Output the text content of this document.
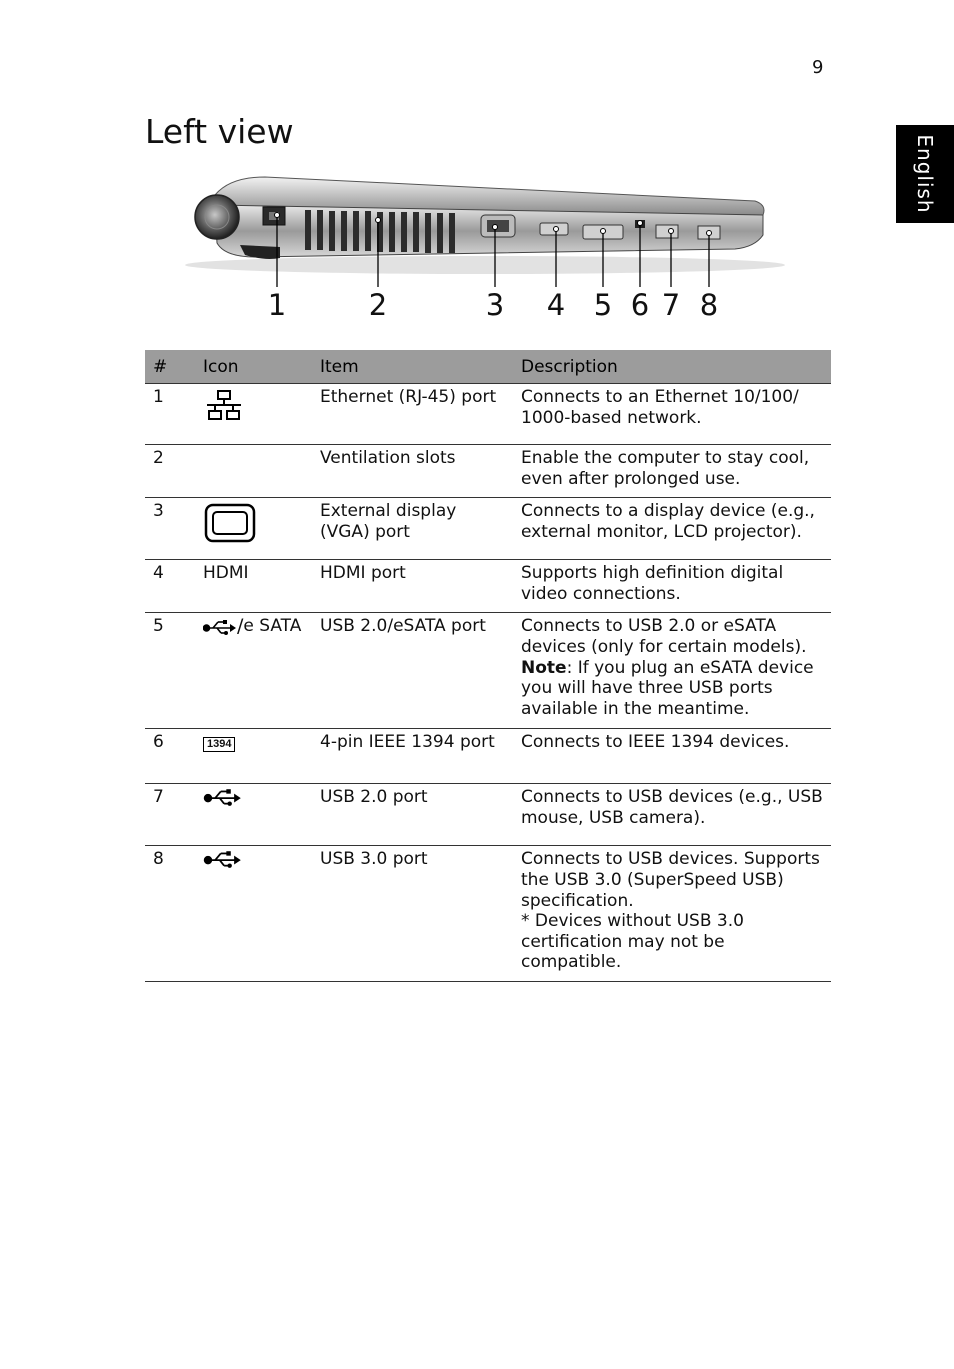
9
English
Left view
1	2	3 4 5 6 7 8
#	Icon	Item	Description
1		Ethernet (RJ-45) port	Connects to an Ethernet 10/100/ 1000-based network.
2		Ventilation slots	Enable the computer to stay cool, even after prolonged use.
3		External display (VGA) port	Connects to a display device (e.g., external monitor, LCD projector).
4	HDMI	HDMI port	Supports high definition digital video connections.
5	/ e SATA	USB 2.0/eSATA port	Connects to USB 2.0 or eSATA devices (only for certain models).
Note: If you plug an eSATA device you will have three USB ports available in the meantime.
6	1394	4-pin IEEE 1394 port	Connects to IEEE 1394 devices.
7		USB 2.0 port	Connects to USB devices (e.g., USB mouse, USB camera).
8		USB 3.0 port	Connects to USB devices. Supports the USB 3.0 (SuperSpeed USB) specification.
* Devices without USB 3.0 certification may not be compatible.
